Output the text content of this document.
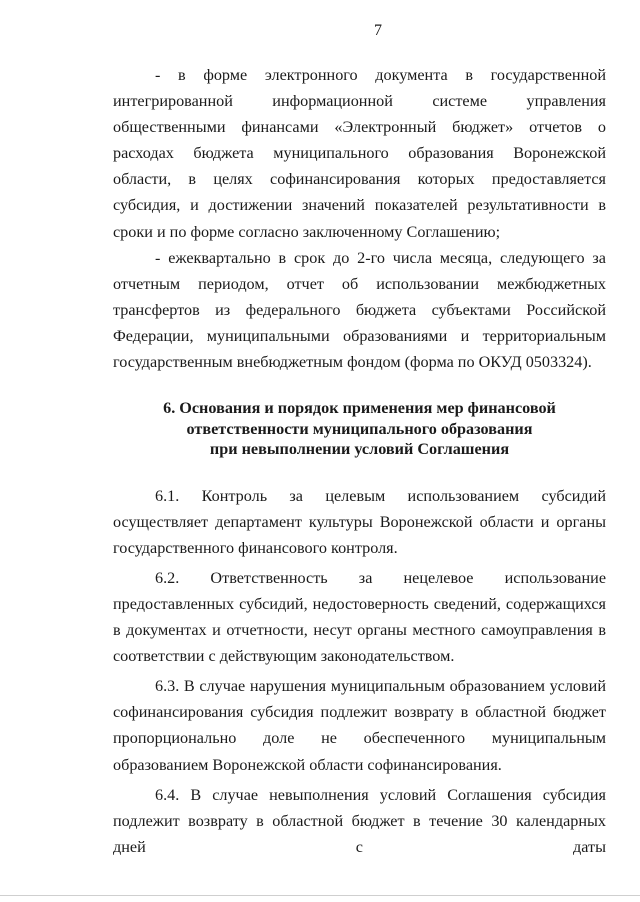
7

- в форме электронного документа в государственной интегрированной информационной системе управления общественными финансами «Электронный бюджет» отчетов о расходах бюджета муниципального образования Воронежской области, в целях софинансирования которых предоставляется субсидия, и достижении значений показателей результативности в сроки и по форме согласно заключенному Соглашению;

- ежеквартально в срок до 2-го числа месяца, следующего за отчетным периодом, отчет об использовании межбюджетных трансфертов из федерального бюджета субъектами Российской Федерации, муниципальными образованиями и территориальным государственным внебюджетным фондом (форма по ОКУД 0503324).

6. Основания и порядок применения мер финансовой
ответственности муниципального образования
при невыполнении условий Соглашения

6.1. Контроль за целевым использованием субсидий осуществляет департамент культуры Воронежской области и органы государственного финансового контроля.

6.2. Ответственность за нецелевое использование предоставленных субсидий, недостоверность сведений, содержащихся в документах и отчетности, несут органы местного самоуправления в соответствии с действующим законодательством.

6.3. В случае нарушения муниципальным образованием условий софинансирования субсидия подлежит возврату в областной бюджет пропорционально доле не обеспеченного муниципальным образованием Воронежской области софинансирования.

6.4. В случае невыполнения условий Соглашения субсидия подлежит возврату в областной бюджет в течение 30 календарных дней с даты
